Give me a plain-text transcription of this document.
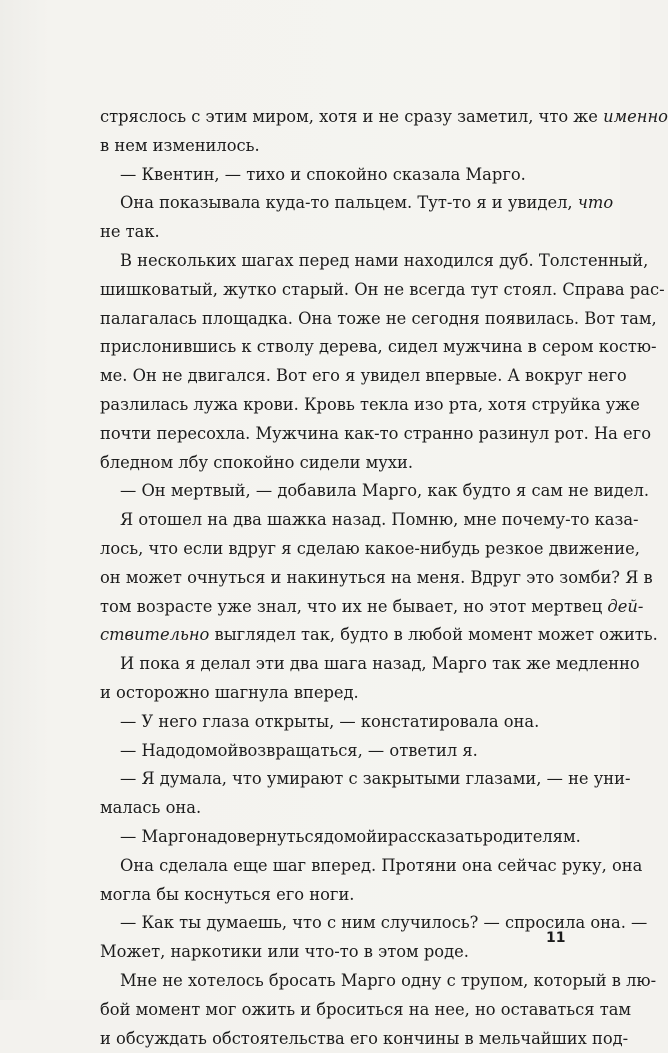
стряслось с этим миром, хотя и не сразу заметил, что же именно
в нем изменилось.
— Квентин, — тихо и спокойно сказала Марго.
Она показывала куда-то пальцем. Тут-то я и увидел, что
не так.
В нескольких шагах перед нами находился дуб. Толстенный,
шишковатый, жутко старый. Он не всегда тут стоял. Справа рас-
палагалась площадка. Она тоже не сегодня появилась. Вот там,
прислонившись к стволу дерева, сидел мужчина в сером костю-
ме. Он не двигался. Вот его я увидел впервые. А вокруг него
разлилась лужа крови. Кровь текла изо рта, хотя струйка уже
почти пересохла. Мужчина как-то странно разинул рот. На его
бледном лбу спокойно сидели мухи.
— Он мертвый, — добавила Марго, как будто я сам не видел.
Я отошел на два шажка назад. Помню, мне почему-то каза-
лось, что если вдруг я сделаю какое-нибудь резкое движение,
он может очнуться и накинуться на меня. Вдруг это зомби? Я в
том возрасте уже знал, что их не бывает, но этот мертвец дей-
ствительно выглядел так, будто в любой момент может ожить.
И пока я делал эти два шага назад, Марго так же медленно
и осторожно шагнула вперед.
— У него глаза открыты, — констатировала она.
— Надодомойвозвращаться, — ответил я.
— Я думала, что умирают с закрытыми глазами, — не уни-
малась она.
— Маргонадовернутьсядомойирассказатьродителям.
Она сделала еще шаг вперед. Протяни она сейчас руку, она
могла бы коснуться его ноги.
— Как ты думаешь, что с ним случилось? — спросила она. —
Может, наркотики или что-то в этом роде.
Мне не хотелось бросать Марго одну с трупом, который в лю-
бой момент мог ожить и броситься на нее, но оставаться там
и обсуждать обстоятельства его кончины в мельчайших под-
11
